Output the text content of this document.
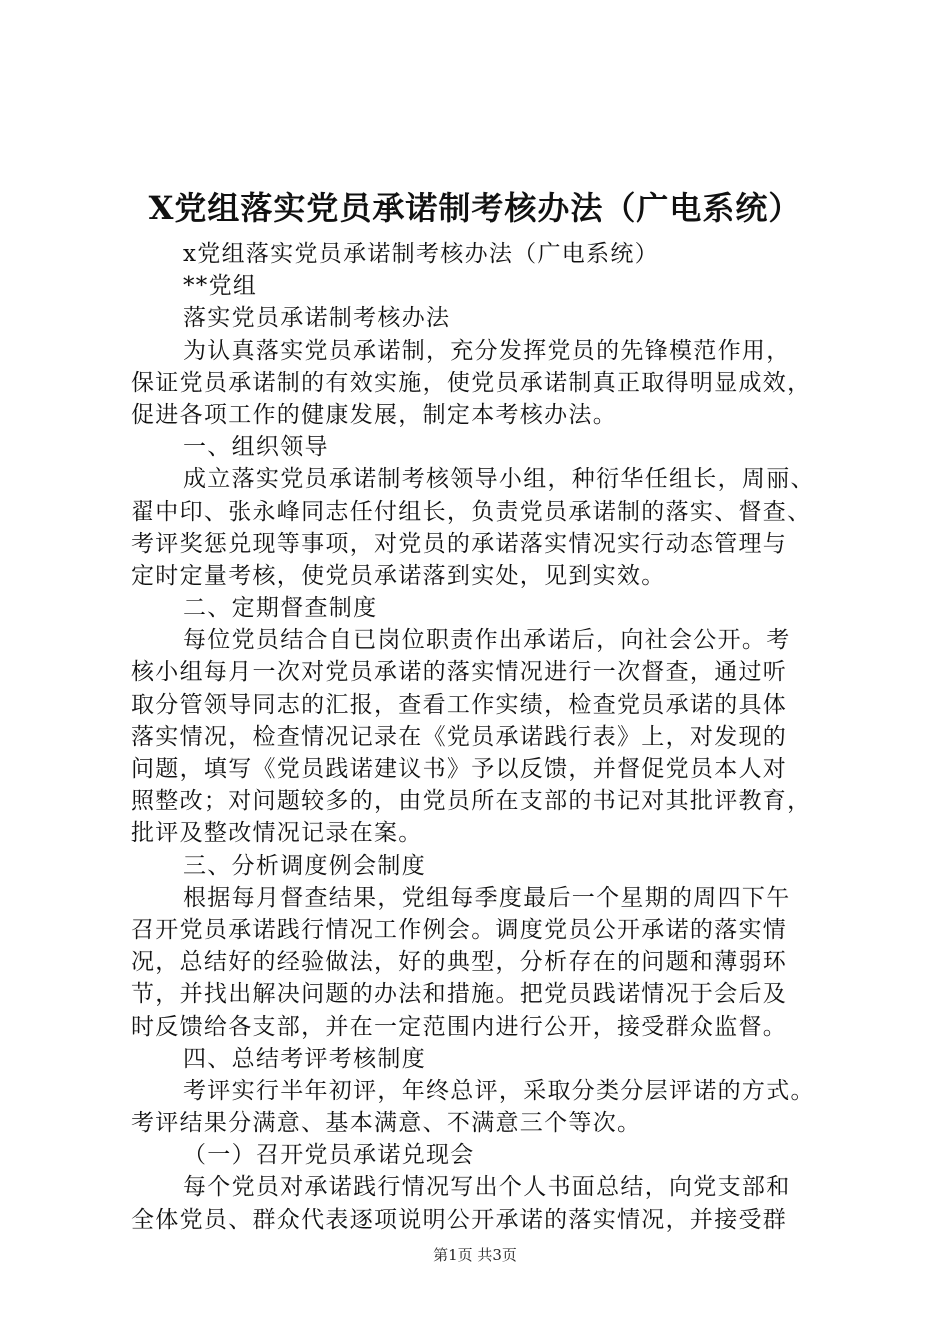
X党组落实党员承诺制考核办法（广电系统）
x党组落实党员承诺制考核办法（广电系统）
**党组
落实党员承诺制考核办法
为认真落实党员承诺制，充分发挥党员的先锋模范作用，
保证党员承诺制的有效实施，使党员承诺制真正取得明显成效，
促进各项工作的健康发展，制定本考核办法。
一、组织领导
成立落实党员承诺制考核领导小组，种衍华任组长，周丽、
翟中印、张永峰同志任付组长，负责党员承诺制的落实、督查、
考评奖惩兑现等事项，对党员的承诺落实情况实行动态管理与
定时定量考核，使党员承诺落到实处，见到实效。
二、定期督查制度
每位党员结合自已岗位职责作出承诺后，向社会公开。考
核小组每月一次对党员承诺的落实情况进行一次督查，通过听
取分管领导同志的汇报，查看工作实绩，检查党员承诺的具体
落实情况，检查情况记录在《党员承诺践行表》上，对发现的
问题，填写《党员践诺建议书》予以反馈，并督促党员本人对
照整改；对问题较多的，由党员所在支部的书记对其批评教育，
批评及整改情况记录在案。
三、分析调度例会制度
根据每月督查结果，党组每季度最后一个星期的周四下午
召开党员承诺践行情况工作例会。调度党员公开承诺的落实情
况，总结好的经验做法，好的典型，分析存在的问题和薄弱环
节，并找出解决问题的办法和措施。把党员践诺情况于会后及
时反馈给各支部，并在一定范围内进行公开，接受群众监督。
四、总结考评考核制度
考评实行半年初评，年终总评，采取分类分层评诺的方式。
考评结果分满意、基本满意、不满意三个等次。
（一）召开党员承诺兑现会
每个党员对承诺践行情况写出个人书面总结，向党支部和
全体党员、群众代表逐项说明公开承诺的落实情况，并接受群
第1页 共3页
